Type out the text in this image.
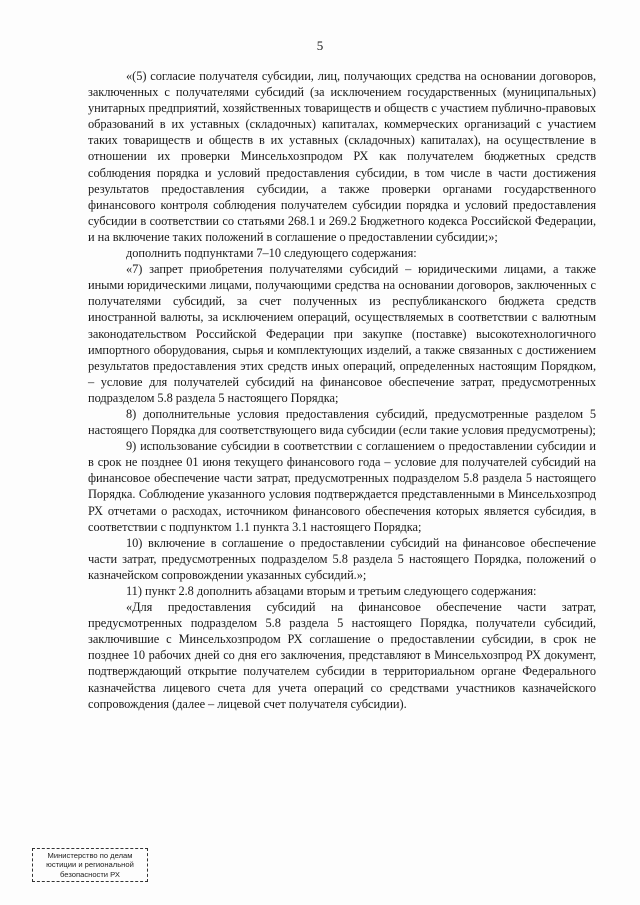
5

«(5) согласие получателя субсидии, лиц, получающих средства на основании договоров, заключенных с получателями субсидий (за исключением государственных (муниципальных) унитарных предприятий, хозяйственных товариществ и обществ с участием публично-правовых образований в их уставных (складочных) капиталах, коммерческих организаций с участием таких товариществ и обществ в их уставных (складочных) капиталах), на осуществление в отношении их проверки Минсельхозпродом РХ как получателем бюджетных средств соблюдения порядка и условий предоставления субсидии, в том числе в части достижения результатов предоставления субсидии, а также проверки органами государственного финансового контроля соблюдения получателем субсидии порядка и условий предоставления субсидии в соответствии со статьями 268.1 и 269.2 Бюджетного кодекса Российской Федерации, и на включение таких положений в соглашение о предоставлении субсидии;»;

дополнить подпунктами 7–10 следующего содержания:

«7) запрет приобретения получателями субсидий – юридическими лицами, а также иными юридическими лицами, получающими средства на основании договоров, заключенных с получателями субсидий, за счет полученных из республиканского бюджета средств иностранной валюты, за исключением операций, осуществляемых в соответствии с валютным законодательством Российской Федерации при закупке (поставке) высокотехнологичного импортного оборудования, сырья и комплектующих изделий, а также связанных с достижением результатов предоставления этих средств иных операций, определенных настоящим Порядком, – условие для получателей субсидий на финансовое обеспечение затрат, предусмотренных подразделом 5.8 раздела 5 настоящего Порядка;

8) дополнительные условия предоставления субсидий, предусмотренные разделом 5 настоящего Порядка для соответствующего вида субсидии (если такие условия предусмотрены);

9) использование субсидии в соответствии с соглашением о предоставлении субсидии и в срок не позднее 01 июня текущего финансового года – условие для получателей субсидий на финансовое обеспечение части затрат, предусмотренных подразделом 5.8 раздела 5 настоящего Порядка. Соблюдение указанного условия подтверждается представленными в Минсельхозпрод РХ отчетами о расходах, источником финансового обеспечения которых является субсидия, в соответствии с подпунктом 1.1 пункта 3.1 настоящего Порядка;

10) включение в соглашение о предоставлении субсидий на финансовое обеспечение части затрат, предусмотренных подразделом 5.8 раздела 5 настоящего Порядка, положений о казначейском сопровождении указанных субсидий.»;

11) пункт 2.8 дополнить абзацами вторым и третьим следующего содержания:

«Для предоставления субсидий на финансовое обеспечение части затрат, предусмотренных подразделом 5.8 раздела 5 настоящего Порядка, получатели субсидий, заключившие с Минсельхозпродом РХ соглашение о предоставлении субсидии, в срок не позднее 10 рабочих дней со дня его заключения, представляют в Минсельхозпрод РХ документ, подтверждающий открытие получателем субсидии в территориальном органе Федерального казначейства лицевого счета для учета операций со средствами участников казначейского сопровождения (далее – лицевой счет получателя субсидии).

Министерство по делам
юстиции и региональной
безопасности РХ
